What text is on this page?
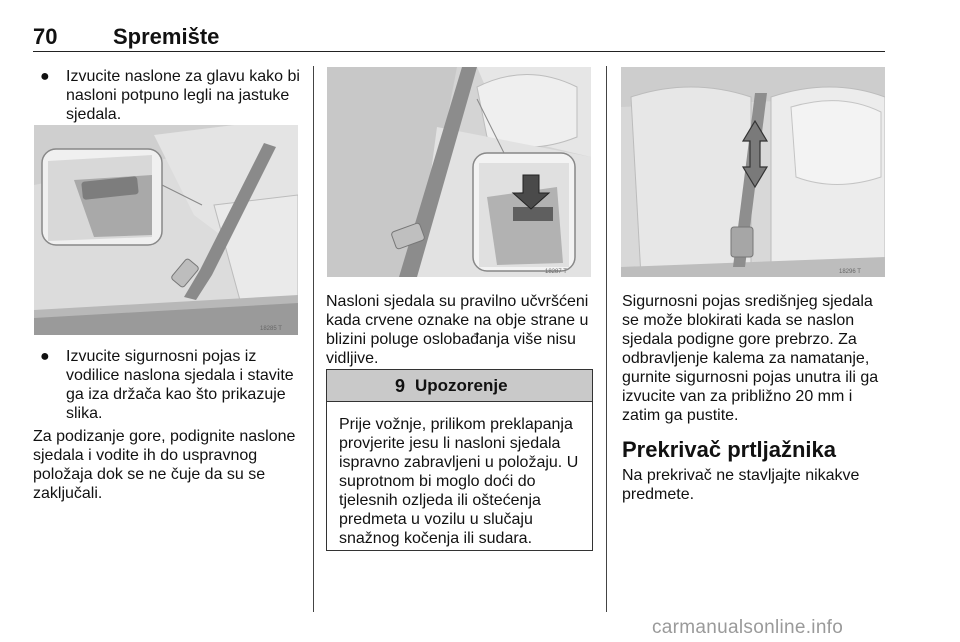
70	Spremište
● Izvucite naslone za glavu kako bi
nasloni potpuno legli na jastuke
sjedala.
18285 T
● Izvucite sigurnosni pojas iz
vodilice naslona sjedala i stavite
ga iza držača kao što prikazuje
slika.
Za podizanje gore, podignite naslone
sjedala i vodite ih do uspravnog
položaja dok se ne čuje da su se
zaključali.
18287 T
Nasloni sjedala su pravilno učvršćeni
kada crvene oznake na obje strane u
blizini poluge oslobađanja više nisu
vidljive.
9 Upozorenje
Prije vožnje, prilikom preklapanja
provjerite jesu li nasloni sjedala
ispravno zabravljeni u položaju. U
suprotnom bi moglo doći do
tjelesnih ozljeda ili oštećenja
predmeta u vozilu u slučaju
snažnog kočenja ili sudara.
18296 T
Sigurnosni pojas središnjeg sjedala
se može blokirati kada se naslon
sjedala podigne gore prebrzo. Za
odbravljenje kalema za namatanje,
gurnite sigurnosni pojas unutra ili ga
izvucite van za približno 20 mm i
zatim ga pustite.
Prekrivač prtljažnika
Na prekrivač ne stavljajte nikakve
predmete.
carmanualsonline.info
